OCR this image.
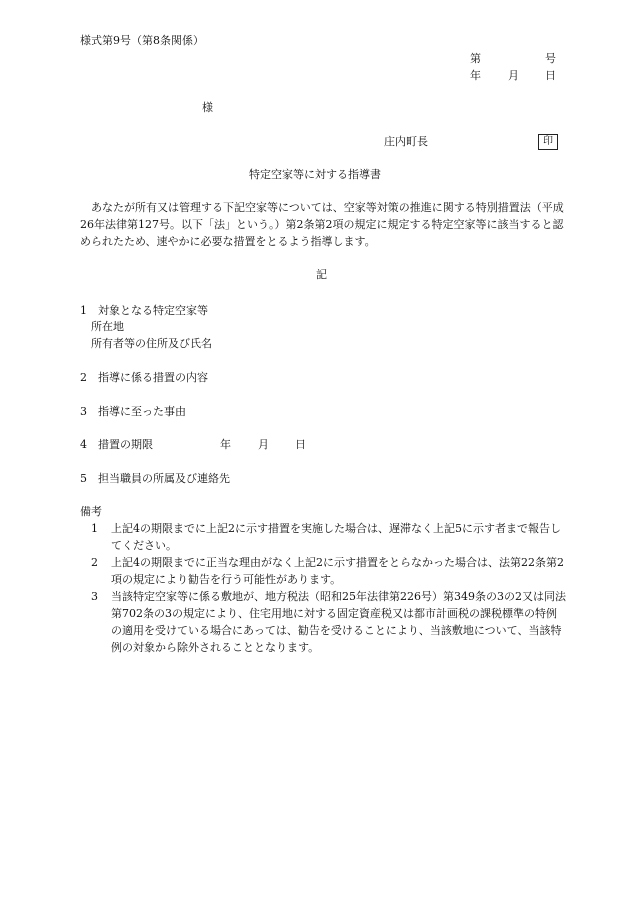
様式第9号（第8条関係）
第	号
年 月 日
様
庄内町長	印
特定空家等に対する指導書
あなたが所有又は管理する下記空家等については、空家等対策の推進に関する特別措置法（平成26年法律第127号。以下「法」という。）第2条第2項の規定に規定する特定空家等に該当すると認められたため、速やかに必要な措置をとるよう指導します。
記
1 対象となる特定空家等
所在地
所有者等の住所及び氏名
2 指導に係る措置の内容
3 指導に至った事由
4 措置の期限	年 月 日
5 担当職員の所属及び連絡先
備考
1 上記4の期限までに上記2に示す措置を実施した場合は、遅滞なく上記5に示す者まで報告してください。
2 上記4の期限までに正当な理由がなく上記2に示す措置をとらなかった場合は、法第22条第2項の規定により勧告を行う可能性があります。
3 当該特定空家等に係る敷地が、地方税法（昭和25年法律第226号）第349条の3の2又は同法第702条の3の規定により、住宅用地に対する固定資産税又は都市計画税の課税標準の特例の適用を受けている場合にあっては、勧告を受けることにより、当該敷地について、当該特例の対象から除外されることとなります。
